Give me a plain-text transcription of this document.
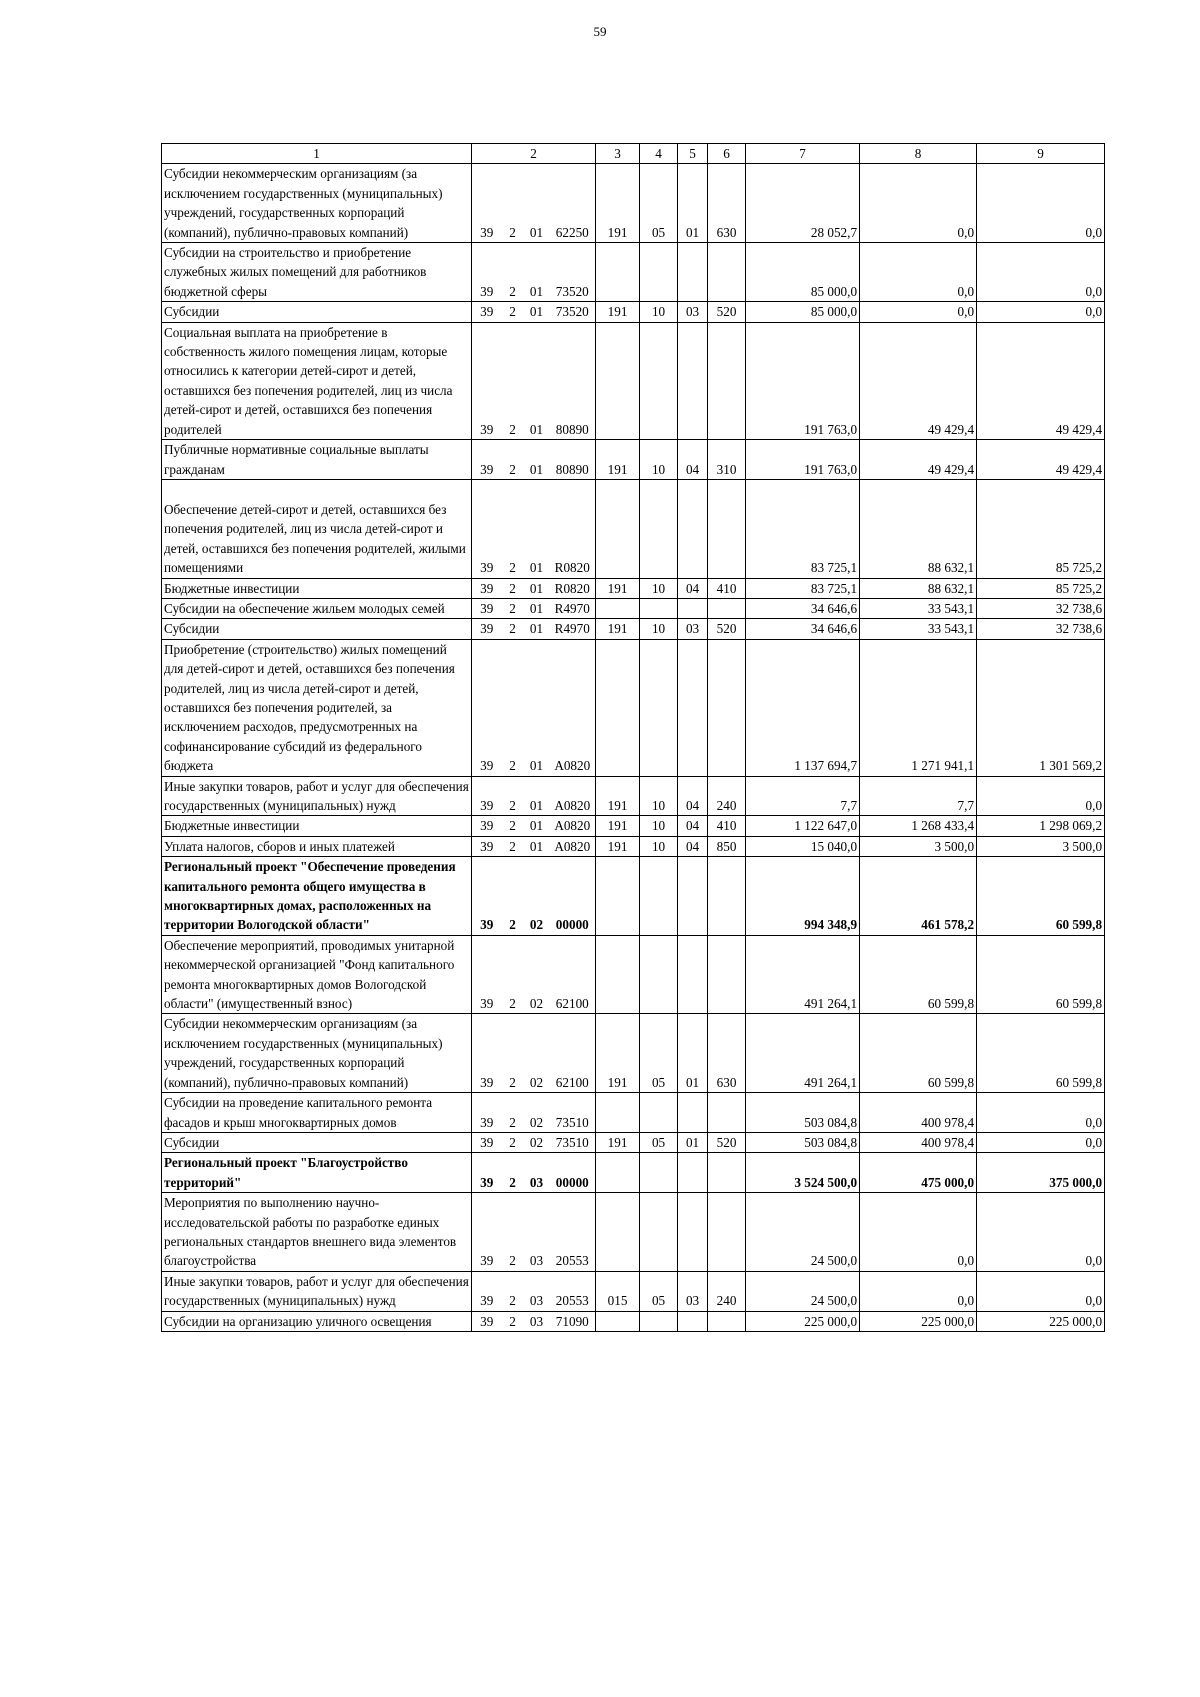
59
1	2				3	4	5	6	7	8	9
Субсидии некоммерческим организациям (за исключением государственных (муниципальных) учреждений, государственных корпораций (компаний), публично-правовых компаний)	39	2	01	62250	191	05	01	630	28 052,7	0,0	0,0
Субсидии на строительство и приобретение служебных жилых помещений для работников бюджетной сферы	39	2	01	73520					85 000,0	0,0	0,0
Субсидии	39	2	01	73520	191	10	03	520	85 000,0	0,0	0,0
Социальная выплата на приобретение в собственность жилого помещения лицам, которые относились к категории детей-сирот и детей, оставшихся без попечения родителей, лиц из числа детей-сирот и детей, оставшихся без попечения родителей	39	2	01	80890					191 763,0	49 429,4	49 429,4
Публичные нормативные социальные выплаты гражданам	39	2	01	80890	191	10	04	310	191 763,0	49 429,4	49 429,4
Обеспечение детей-сирот и детей, оставшихся без попечения родителей, лиц из числа детей-сирот и детей, оставшихся без попечения родителей, жилыми помещениями	39	2	01	R0820					83 725,1	88 632,1	85 725,2
Бюджетные инвестиции	39	2	01	R0820	191	10	04	410	83 725,1	88 632,1	85 725,2
Субсидии на обеспечение жильем молодых семей	39	2	01	R4970					34 646,6	33 543,1	32 738,6
Субсидии	39	2	01	R4970	191	10	03	520	34 646,6	33 543,1	32 738,6
Приобретение (строительство) жилых помещений для детей-сирот и детей, оставшихся без попечения родителей, лиц из числа детей-сирот и детей, оставшихся без попечения родителей, за исключением расходов, предусмотренных на софинансирование субсидий из федерального бюджета	39	2	01	А0820					1 137 694,7	1 271 941,1	1 301 569,2
Иные закупки товаров, работ и услуг для обеспечения государственных (муниципальных) нужд	39	2	01	А0820	191	10	04	240	7,7	7,7	0,0
Бюджетные инвестиции	39	2	01	А0820	191	10	04	410	1 122 647,0	1 268 433,4	1 298 069,2
Уплата налогов, сборов и иных платежей	39	2	01	А0820	191	10	04	850	15 040,0	3 500,0	3 500,0
Региональный проект "Обеспечение проведения капитального ремонта общего имущества в многоквартирных домах, расположенных на территории Вологодской области"	39	2	02	00000					994 348,9	461 578,2	60 599,8
Обеспечение мероприятий, проводимых унитарной некоммерческой организацией "Фонд капитального ремонта многоквартирных домов Вологодской области" (имущественный взнос)	39	2	02	62100					491 264,1	60 599,8	60 599,8
Субсидии некоммерческим организациям (за исключением государственных (муниципальных) учреждений, государственных корпораций (компаний), публично-правовых компаний)	39	2	02	62100	191	05	01	630	491 264,1	60 599,8	60 599,8
Субсидии на проведение капитального ремонта фасадов и крыш многоквартирных домов	39	2	02	73510					503 084,8	400 978,4	0,0
Субсидии	39	2	02	73510	191	05	01	520	503 084,8	400 978,4	0,0
Региональный проект "Благоустройство территорий"	39	2	03	00000					3 524 500,0	475 000,0	375 000,0
Мероприятия по выполнению научно-исследовательской работы по разработке единых региональных стандартов внешнего вида элементов благоустройства	39	2	03	20553					24 500,0	0,0	0,0
Иные закупки товаров, работ и услуг для обеспечения государственных (муниципальных) нужд	39	2	03	20553	015	05	03	240	24 500,0	0,0	0,0
Субсидии на организацию уличного освещения	39	2	03	71090					225 000,0	225 000,0	225 000,0
